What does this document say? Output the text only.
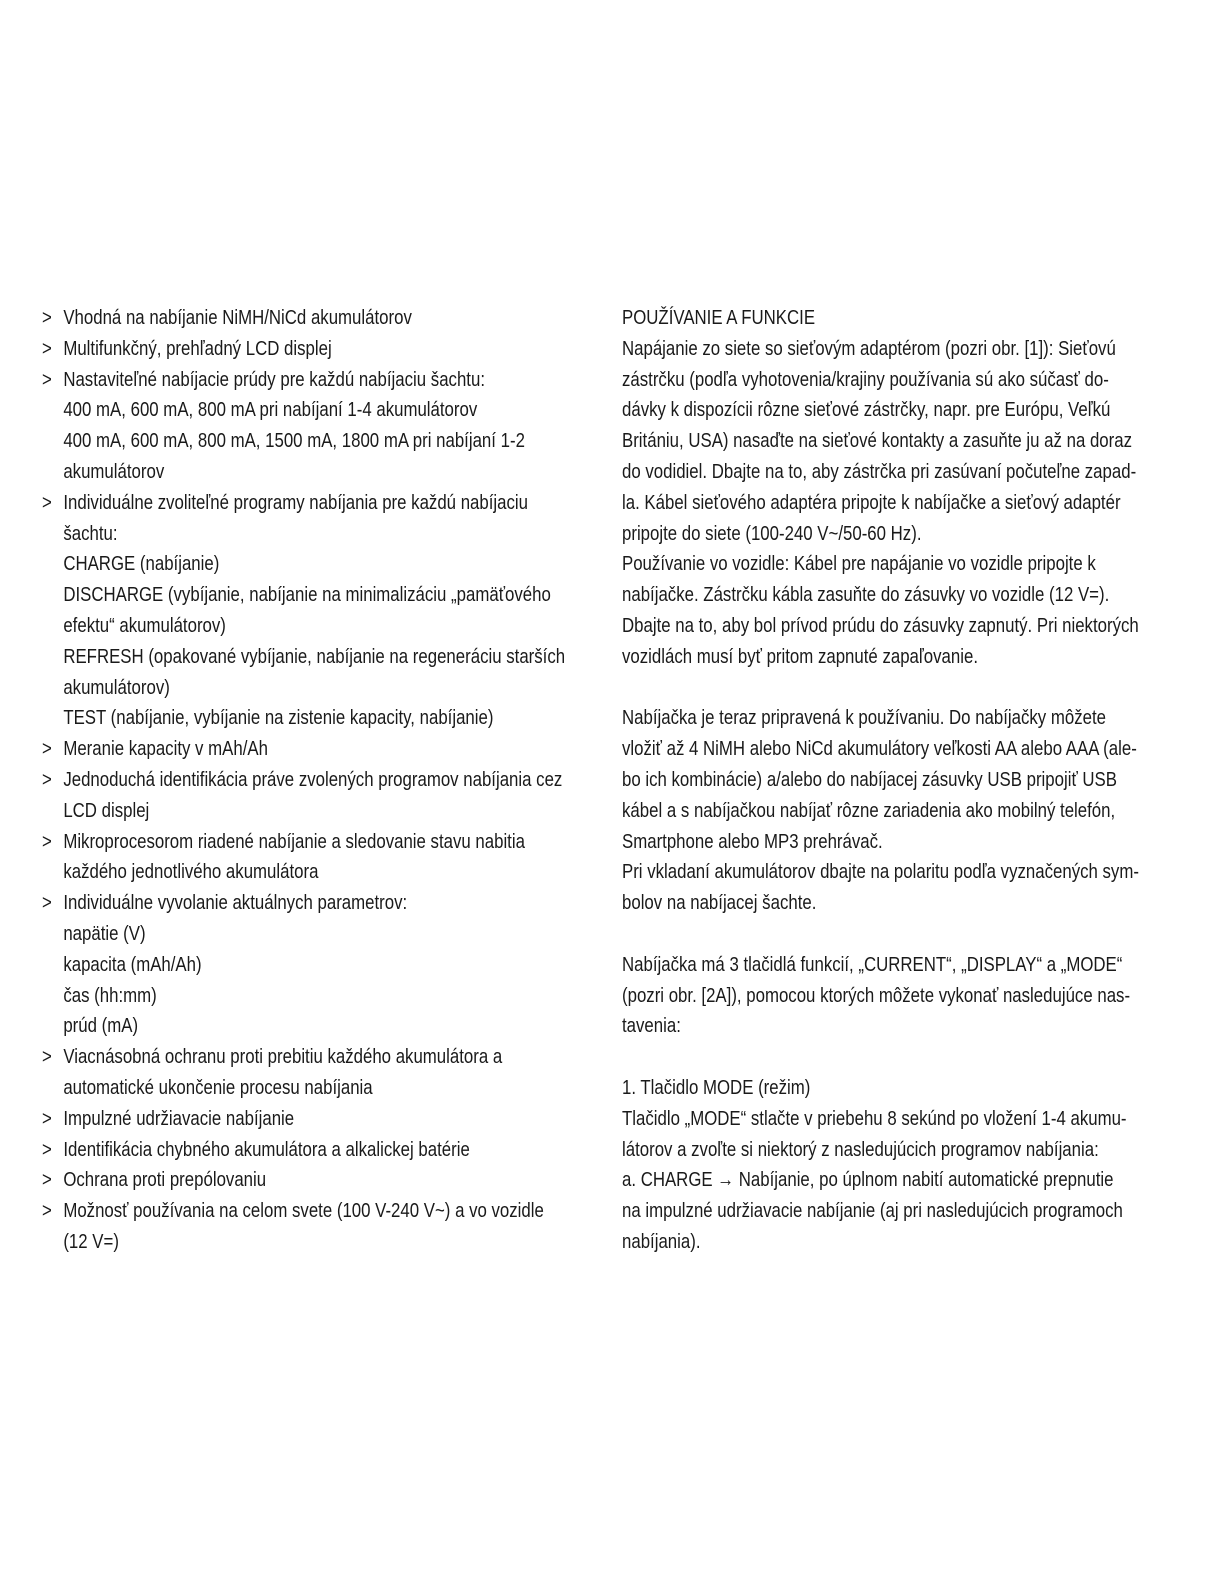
> Vhodná na nabíjanie NiMH/NiCd akumulátorov
> Multifunkčný, prehľadný LCD displej
> Nastaviteľné nabíjacie prúdy pre každú nabíjaciu šachtu:
400 mA, 600 mA, 800 mA pri nabíjaní 1-4 akumulátorov
400 mA, 600 mA, 800 mA, 1500 mA, 1800 mA pri nabíjaní 1-2
akumulátorov
> Individuálne zvoliteľné programy nabíjania pre každú nabíjaciu
šachtu:
CHARGE (nabíjanie)
DISCHARGE (vybíjanie, nabíjanie na minimalizáciu „pamäťového
efektu“ akumulátorov)
REFRESH (opakované vybíjanie, nabíjanie na regeneráciu starších
akumulátorov)
TEST (nabíjanie, vybíjanie na zistenie kapacity, nabíjanie)
> Meranie kapacity v mAh/Ah
> Jednoduchá identifikácia práve zvolených programov nabíjania cez
LCD displej
> Mikroprocesorom riadené nabíjanie a sledovanie stavu nabitia
každého jednotlivého akumulátora
> Individuálne vyvolanie aktuálnych parametrov:
napätie (V)
kapacita (mAh/Ah)
čas (hh:mm)
prúd (mA)
> Viacnásobná ochranu proti prebitiu každého akumulátora a
automatické ukončenie procesu nabíjania
> Impulzné udržiavacie nabíjanie
> Identifikácia chybného akumulátora a alkalickej batérie
> Ochrana proti prepólovaniu
> Možnosť používania na celom svete (100 V-240 V~) a vo vozidle
(12 V=)
POUŽÍVANIE A FUNKCIE
Napájanie zo siete so sieťovým adaptérom (pozri obr. [1]): Sieťovú
zástrčku (podľa vyhotovenia/krajiny používania sú ako súčasť do-
dávky k dispozícii rôzne sieťové zástrčky, napr. pre Európu, Veľkú
Britániu, USA) nasaďte na sieťové kontakty a zasuňte ju až na doraz
do vodidiel. Dbajte na to, aby zástrčka pri zasúvaní počuteľne zapad-
la. Kábel sieťového adaptéra pripojte k nabíjačke a sieťový adaptér
pripojte do siete (100-240 V~/50-60 Hz).
Používanie vo vozidle: Kábel pre napájanie vo vozidle pripojte k
nabíjačke. Zástrčku kábla zasuňte do zásuvky vo vozidle (12 V=).
Dbajte na to, aby bol prívod prúdu do zásuvky zapnutý. Pri niektorých
vozidlách musí byť pritom zapnuté zapaľovanie.
Nabíjačka je teraz pripravená k používaniu. Do nabíjačky môžete
vložiť až 4 NiMH alebo NiCd akumulátory veľkosti AA alebo AAA (ale-
bo ich kombinácie) a/alebo do nabíjacej zásuvky USB pripojiť USB
kábel a s nabíjačkou nabíjať rôzne zariadenia ako mobilný telefón,
Smartphone alebo MP3 prehrávač.
Pri vkladaní akumulátorov dbajte na polaritu podľa vyznačených sym-
bolov na nabíjacej šachte.
Nabíjačka má 3 tlačidlá funkcií, „CURRENT“, „DISPLAY“ a „MODE“
(pozri obr. [2A]), pomocou ktorých môžete vykonať nasledujúce nas-
tavenia:
1. Tlačidlo MODE (režim)
Tlačidlo „MODE“ stlačte v priebehu 8 sekúnd po vložení 1-4 akumu-
látorov a zvoľte si niektorý z nasledujúcich programov nabíjania:
a. CHARGE → Nabíjanie, po úplnom nabití automatické prepnutie
na impulzné udržiavacie nabíjanie (aj pri nasledujúcich programoch
nabíjania).
